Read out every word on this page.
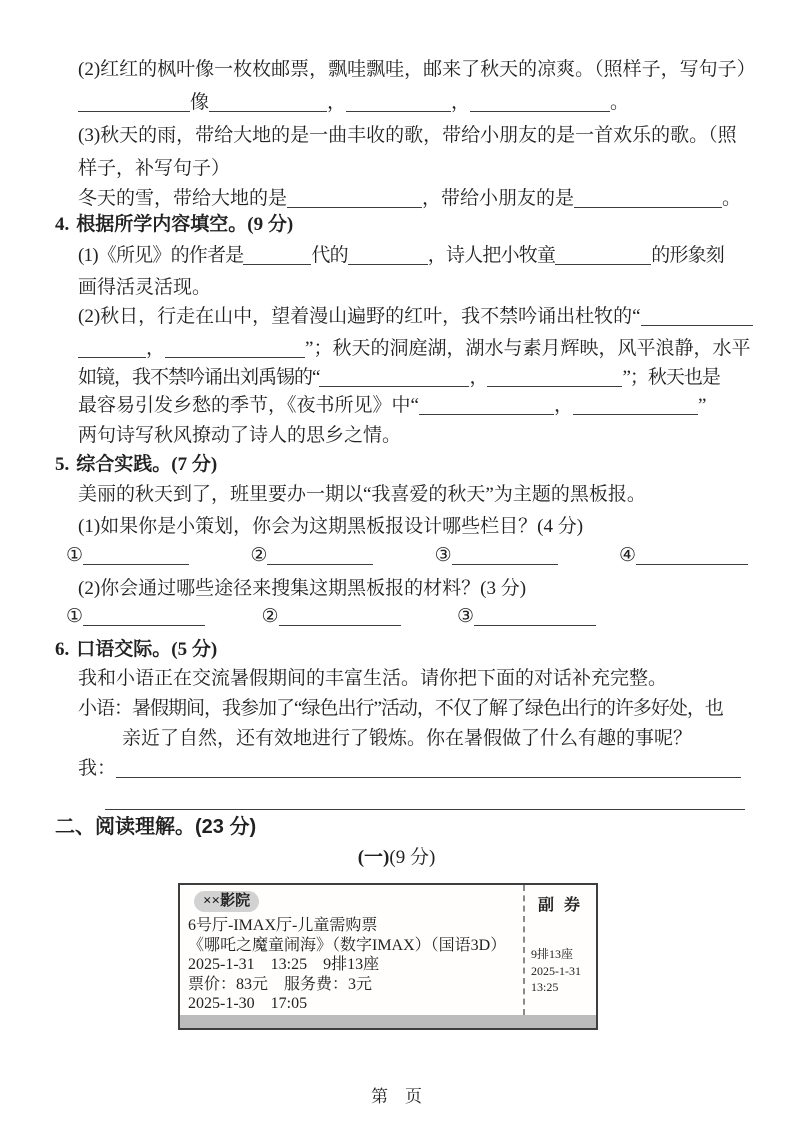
(2)红红的枫叶像一枚枚邮票，飘哇飘哇，邮来了秋天的凉爽。（照样子，写句子）
像	，	，	。
(3)秋天的雨，带给大地的是一曲丰收的歌，带给小朋友的是一首欢乐的歌。（照
样子，补写句子）
冬天的雪，带给大地的是	，带给小朋友的是	。
4. 根据所学内容填空。(9 分)
(1)《所见》的作者是	代的	，诗人把小牧童	的形象刻
画得活灵活现。
(2)秋日，行走在山中，望着漫山遍野的红叶，我不禁吟诵出杜牧的“
，	”；秋天的洞庭湖，湖水与素月辉映，风平浪静，水平
如镜，我不禁吟诵出刘禹锡的“	，	”；秋天也是
最容易引发乡愁的季节，《夜书所见》中“	，	”
两句诗写秋风撩动了诗人的思乡之情。
5. 综合实践。(7 分)
美丽的秋天到了，班里要办一期以“我喜爱的秋天”为主题的黑板报。
(1)如果你是小策划，你会为这期黑板报设计哪些栏目？(4 分)
①	②	③	④
(2)你会通过哪些途径来搜集这期黑板报的材料？(3 分)
①	②	③
6. 口语交际。(5 分)
我和小语正在交流暑假期间的丰富生活。请你把下面的对话补充完整。
小语：暑假期间，我参加了“绿色出行”活动，不仅了解了绿色出行的许多好处，也
亲近了自然，还有效地进行了锻炼。你在暑假做了什么有趣的事呢？
我：
二、阅读理解。(23 分)
(一)(9 分)
××影院
6号厅-IMAX厅-儿童需购票
《哪吒之魔童闹海》（数字IMAX）（国语3D）
2025-1-31　13:25　9排13座
票价：83元　服务费：3元
2025-1-30　17:05
副 券
9排13座
2025-1-31
13:25
第　页
